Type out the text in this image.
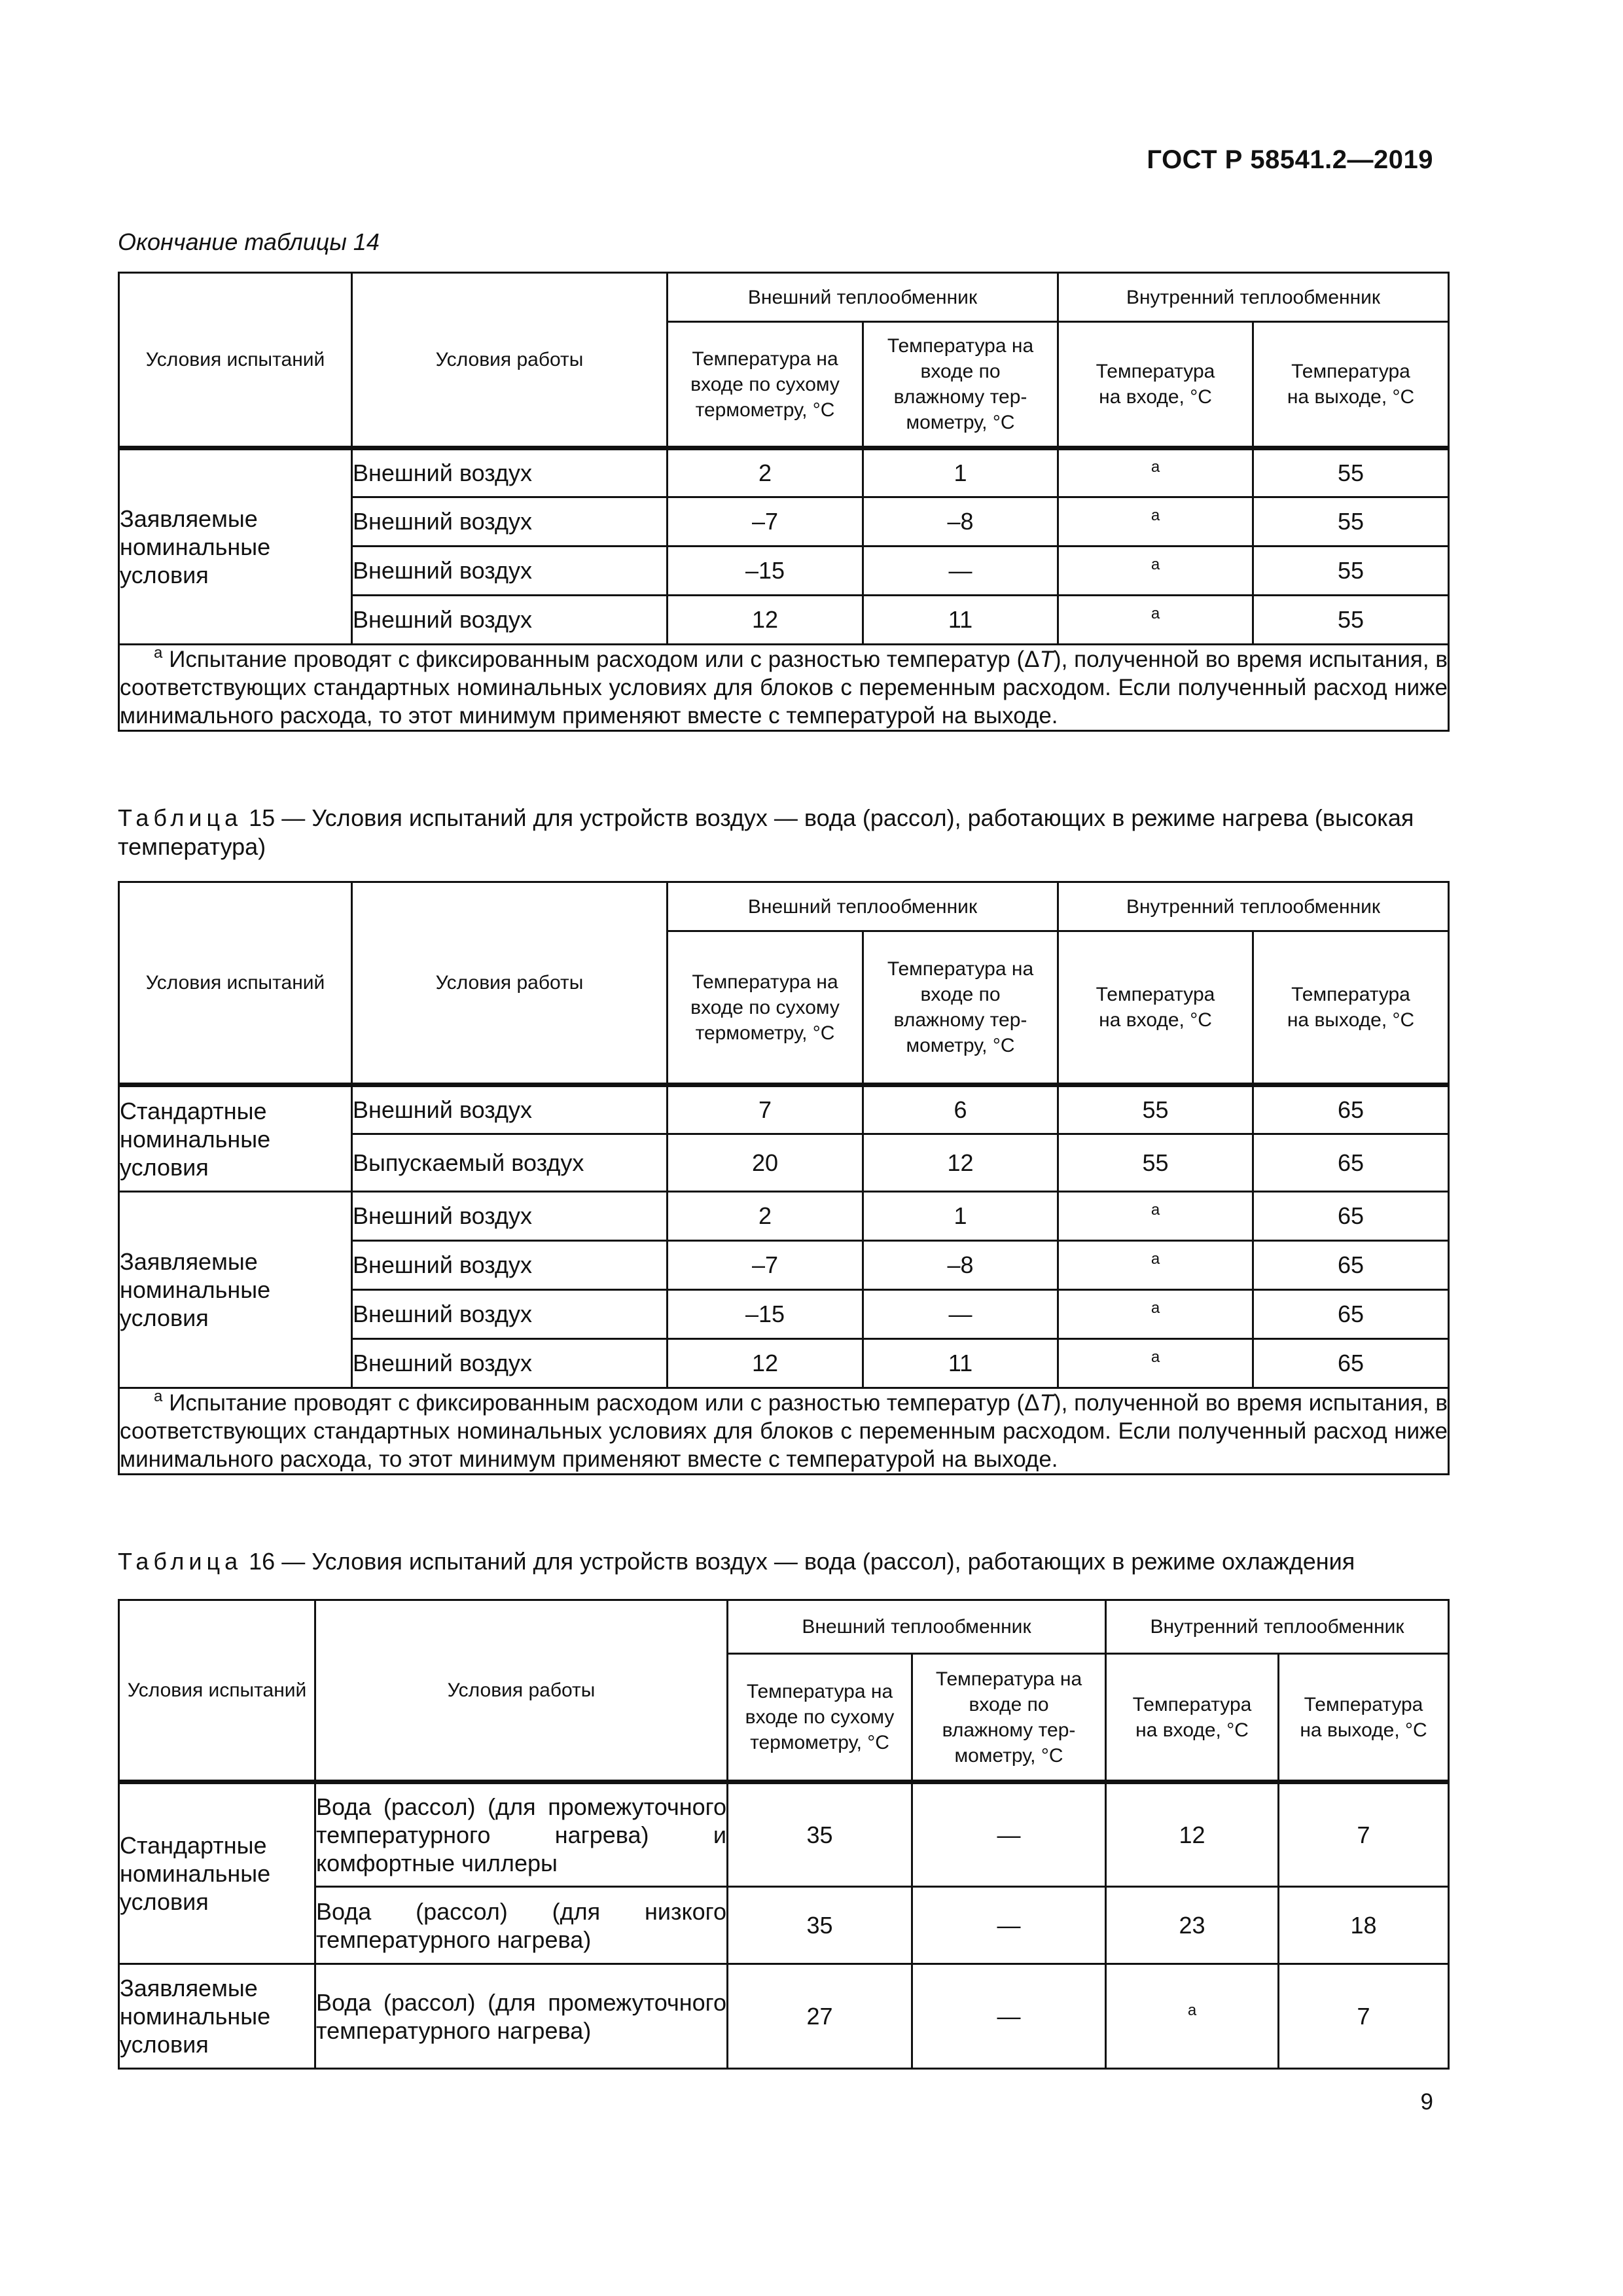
ГОСТ Р 58541.2—2019
Окончание таблицы 14
Условия испытаний	Условия работы	Внешний теплообменник		Внутренний теплообменник	
		Температура на входе по сухому термометру, °С	Температура на входе по влажному термометру, °С	Температура на входе, °С	Температура на выходе, °С
Заявляемые номинальные условия	Внешний воздух	2	1	$^а$	55
	Внешний воздух	–7	–8	$^а$	55
	Внешний воздух	–15	—	$^а$	55
	Внешний воздух	12	11	$^а$	55
$^а$ Испытание проводят с фиксированным расходом или с разностью температур (ΔT), полученной во время испытания, в соответствующих стандартных номинальных условиях для блоков с переменным расходом. Если полученный расход ниже минимального расхода, то этот минимум применяют вместе с температурой на выходе.					
Таблица 15 — Условия испытаний для устройств воздух — вода (рассол), работающих в режиме нагрева (высокая температура)
Условия испытаний	Условия работы	Внешний теплообменник		Внутренний теплообменник	
		Температура на входе по сухому термометру, °С	Температура на входе по влажному термометру, °С	Температура на входе, °С	Температура на выходе, °С
Стандартные номинальные условия	Внешний воздух	7	6	55	65
	Выпускаемый воздух	20	12	55	65
Заявляемые номинальные условия	Внешний воздух	2	1	$^а$	65
	Внешний воздух	–7	–8	$^а$	65
	Внешний воздух	–15	—	$^а$	65
	Внешний воздух	12	11	$^а$	65
$^а$ Испытание проводят с фиксированным расходом или с разностью температур (ΔT), полученной во время испытания, в соответствующих стандартных номинальных условиях для блоков с переменным расходом. Если полученный расход ниже минимального расхода, то этот минимум применяют вместе с температурой на выходе.					
Таблица 16 — Условия испытаний для устройств воздух — вода (рассол), работающих в режиме охлаждения
Условия испытаний	Условия работы	Внешний теплообменник		Внутренний теплообменник	
		Температура на входе по сухому термометру, °С	Температура на входе по влажному термометру, °С	Температура на входе, °С	Температура на выходе, °С
Стандартные номинальные условия	Вода (рассол) (для промежуточного температурного нагрева) и комфортные чиллеры	35	—	12	7
	Вода (рассол) (для низкого температурного нагрева)	35	—	23	18
Заявляемые номинальные условия	Вода (рассол) (для промежуточного температурного нагрева)	27	—	$^а$	7
9
